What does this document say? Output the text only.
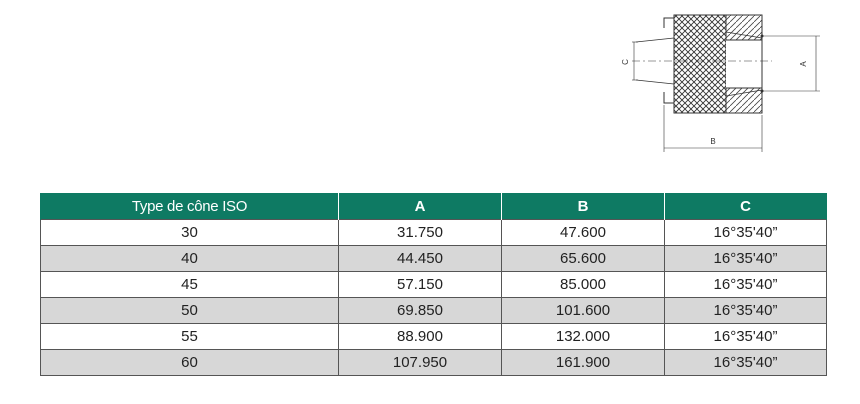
A
C
B
Type de cône ISO	A	B	C
30	31.750	47.600	16°35'40”
40	44.450	65.600	16°35'40”
45	57.150	85.000	16°35'40”
50	69.850	101.600	16°35'40”
55	88.900	132.000	16°35'40”
60	107.950	161.900	16°35'40”
